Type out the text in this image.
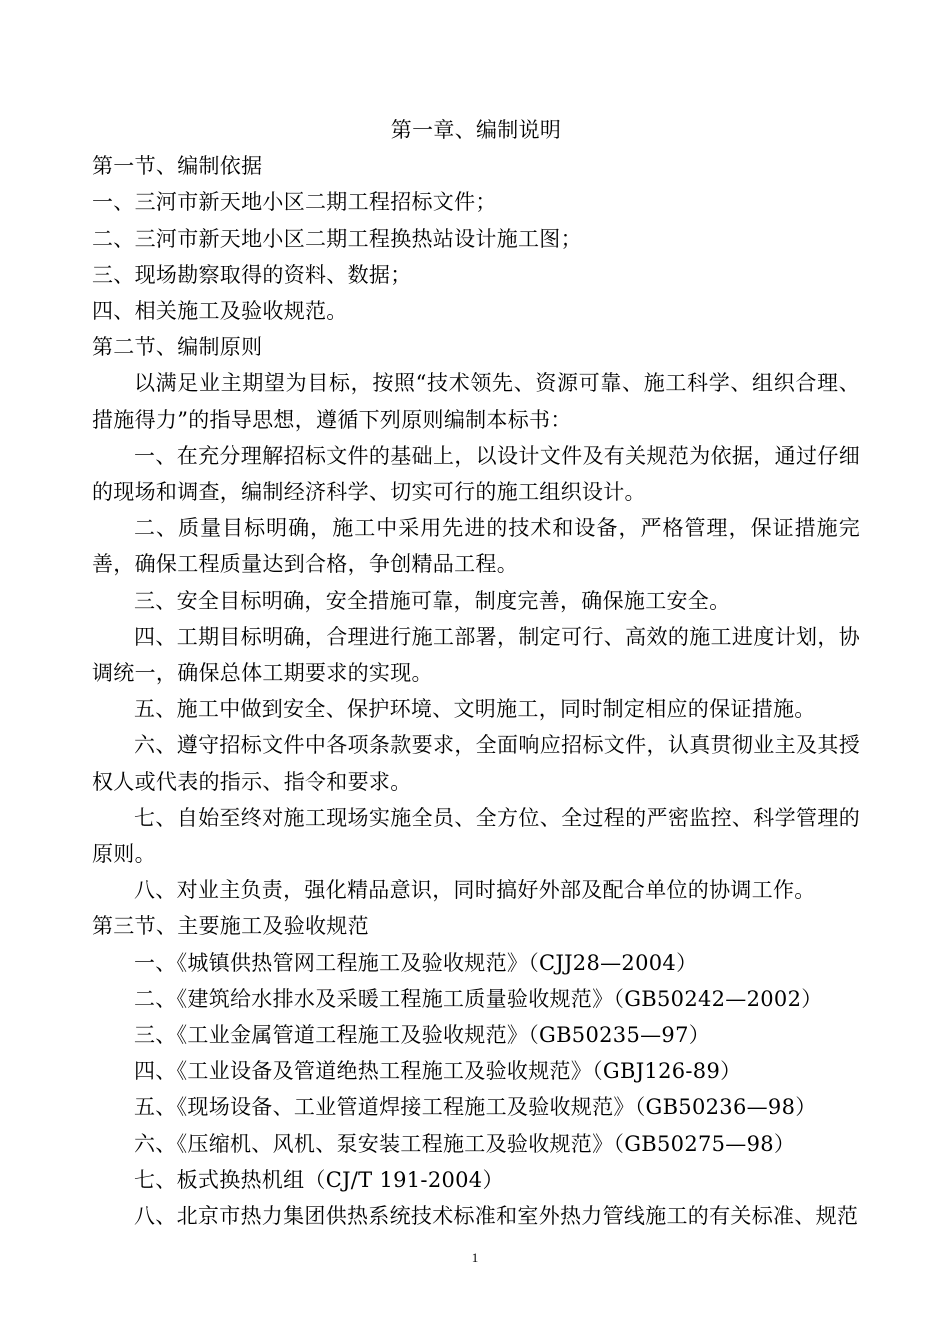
第一章、编制说明

第一节、编制依据

一、三河市新天地小区二期工程招标文件；

二、三河市新天地小区二期工程换热站设计施工图；

三、现场勘察取得的资料、数据；

四、相关施工及验收规范。

第二节、编制原则

以满足业主期望为目标，按照“技术领先、资源可靠、施工科学、组织合理、措施得力”的指导思想，遵循下列原则编制本标书：

一、在充分理解招标文件的基础上，以设计文件及有关规范为依据，通过仔细的现场和调查，编制经济科学、切实可行的施工组织设计。

二、质量目标明确，施工中采用先进的技术和设备，严格管理，保证措施完善，确保工程质量达到合格，争创精品工程。

三、安全目标明确，安全措施可靠，制度完善，确保施工安全。

四、工期目标明确，合理进行施工部署，制定可行、高效的施工进度计划，协调统一，确保总体工期要求的实现。

五、施工中做到安全、保护环境、文明施工，同时制定相应的保证措施。

六、遵守招标文件中各项条款要求，全面响应招标文件，认真贯彻业主及其授权人或代表的指示、指令和要求。

七、自始至终对施工现场实施全员、全方位、全过程的严密监控、科学管理的原则。

八、对业主负责，强化精品意识，同时搞好外部及配合单位的协调工作。

第三节、主要施工及验收规范

一、《城镇供热管网工程施工及验收规范》（CJJ28—2004）

二、《建筑给水排水及采暖工程施工质量验收规范》（GB50242—2002）

三、《工业金属管道工程施工及验收规范》（GB50235—97）

四、《工业设备及管道绝热工程施工及验收规范》（GBJ126-89）

五、《现场设备、工业管道焊接工程施工及验收规范》（GB50236—98）

六、《压缩机、风机、泵安装工程施工及验收规范》（GB50275—98）

七、板式换热机组（CJ/T 191-2004）

八、北京市热力集团供热系统技术标准和室外热力管线施工的有关标准、规范

1
